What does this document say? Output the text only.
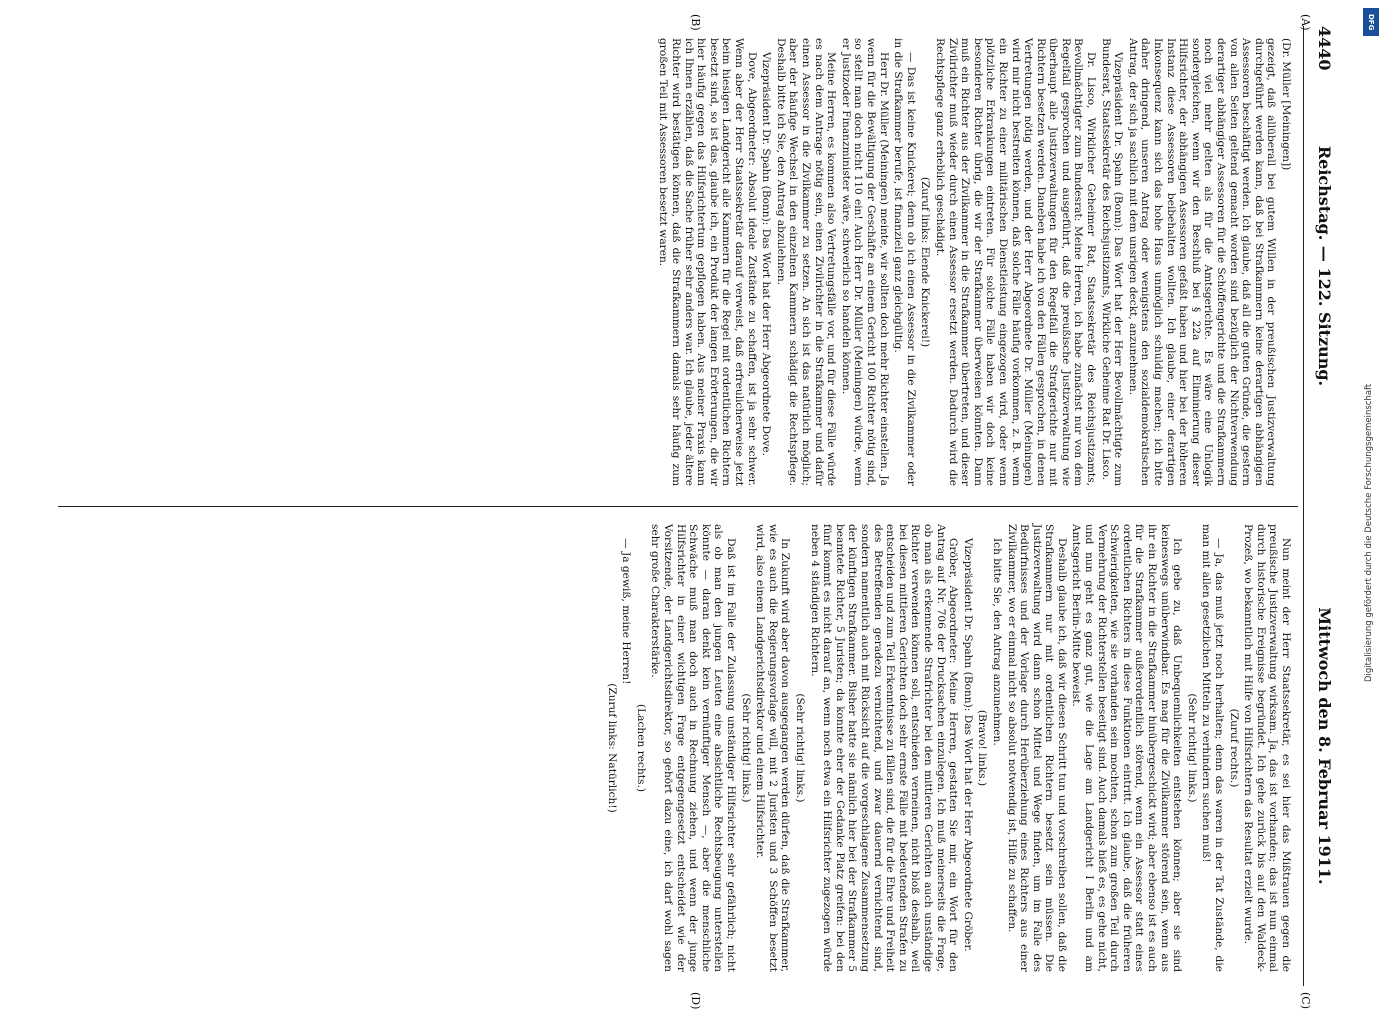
4440
Reichstag. — 122. Sitzung.
Mittwoch den 8. Februar 1911.
(A)
(B)
(C)
(D)

(Dr. Müller [Meiningen])

gezeigt, daß allüberall bei gutem Willen in der preußischen Justizverwaltung durchgeführt werden kann, daß bei Strafkammern keine derartigen abhängigen Assessoren beschäftigt werden. Ich glaube, daß all die guten Gründe, die gestern von allen Seiten geltend gemacht worden sind bezüglich der Nichtverwendung derartiger abhängiger Assessoren für die Schöffengerichte und die Strafkammern noch viel mehr gelten als für die Amtsgerichte. Es wäre eine Unlogik sondergleichen, wenn wir den Beschluß bei § 22a auf Eliminierung dieser Hilfsrichter, der abhängigen Assessoren gefaßt haben und hier bei der höheren Instanz diese Assessoren beibehalten wollten. Ich glaube, einer derartigen Inkonsequenz kann sich das hohe Haus unmöglich schuldig machen; ich bitte daher dringend, unseren Antrag oder wenigstens den sozialdemokratischen Antrag, der sich ja sachlich mit dem unsrigen deckt, anzunehmen.

Vizepräsident Dr. Spahn (Bonn): Das Wort hat der Herr Bevollmächtigte zum Bundesrat, Staatssekretär des Reichsjustizamts, Wirkliche Geheime Rat Dr. Lisco.

Dr. Lisco, Wirklicher Geheimer Rat, Staatssekretär des Reichsjustizamts, Bevollmächtigter zum Bundesrat: Meine Herren, ich habe zunächst nur von dem Regelfall gesprochen und ausgeführt, daß die preußische Justizverwaltung wie überhaupt alle Justizverwaltungen für den Regelfall die Strafgerichte nur mit Richtern besetzen werden. Daneben habe ich von den Fällen gesprochen, in denen Vertretungen nötig werden, und der Herr Abgeordnete Dr. Müller (Meiningen) wird mir nicht bestreiten können, daß solche Fälle häufig vorkommen, z. B. wenn ein Richter zu einer militärischen Dienstleistung eingezogen wird, oder wenn plötzliche Erkrankungen eintreten. Für solche Fälle haben wir doch keine besonderen Richter übrig, die wir der Strafkammer überweisen könnten. Dann muß ein Richter aus der Zivilkammer in die Strafkammer übertreten, und dieser Zivilrichter muß wieder durch einen Assessor ersetzt werden. Dadurch wird die Rechtspflege ganz erheblich geschädigt.

(Zuruf links: Elende Knickerei!)

— Das ist keine Knickerei; denn ob ich einen Assessor in die Zivilkammer oder in die Strafkammer berufe, ist finanziell ganz gleichgültig.

Herr Dr. Müller (Meiningen) meinte, wir sollten doch mehr Richter einstellen. Ja wenn für die Bewältigung der Geschäfte an einem Gericht 100 Richter nötig sind, so stellt man doch nicht 110 ein! Auch Herr Dr. Müller (Meiningen) würde, wenn er Justizoder Finanzminister wäre, schwerlich so handeln können.

Meine Herren, es kommen also Vertretungsfälle vor, und für diese Fälle würde es nach dem Antrage nötig sein, einen Zivilrichter in die Strafkammer und dafür einen Assessor in die Zivilkammer zu setzen. An sich ist das natürlich möglich; aber der häufige Wechsel in den einzelnen Kammern schädigt die Rechtspflege. Deshalb bitte ich Sie, den Antrag abzulehnen.

Vizepräsident Dr. Spahn (Bonn): Das Wort hat der Herr Abgeordnete Dove.

Dove, Abgeordneter: Absolut ideale Zustände zu schaffen, ist ja sehr schwer. Wenn aber der Herr Staatssekretär darauf verweist, daß erfreulicherweise jetzt beim hiesigen Landgericht alle Kammern für die Regel mit ordentlichen Richtern besetzt sind, so ist das, glaube ich, ein Produkt der langen Erörterungen, die wir hier häufig gegen das Hilfsrichtertum gepflogen haben. Aus meiner Praxis kann ich Ihnen erzählen, daß die Sache früher sehr anders war. Ich glaube, jeder ältere Richter wird bestätigen können, daß die Strafkammern damals sehr häufig zum großen Teil mit Assessoren besetzt waren.

Nun meint der Herr Staatssekretär, es sei hier das Mißtrauen gegen die preußische Justizverwaltung wirksam. Ja, das ist vorhanden; das ist nun einmal durch historische Ereignisse begründet. Ich gehe zurück bis auf den Waldeck-Prozeß, wo bekanntlich mit Hilfe von Hilfsrichtern das Resultat erzielt wurde.

(Zuruf rechts.)

— Ja, das muß jetzt noch herhalten; denn das waren in der Tat Zustände, die man mit allen gesetzlichen Mitteln zu verhindern suchen muß!

(Sehr richtig! links.)

Ich gebe zu, daß Unbequemlichkeiten entstehen können; aber sie sind keineswegs unüberwindbar. Es mag für die Zivilkammer störend sein, wenn aus ihr ein Richter in die Strafkammer hinübergeschickt wird; aber ebenso ist es auch für die Strafkammer außerordentlich störend, wenn ein Assessor statt eines ordentlichen Richters in diese Funktionen eintritt. Ich glaube, daß die früheren Schwierigkeiten, wie sie vorhanden sein mochten, schon zum großen Teil durch Vermehrung der Richterstellen beseitigt sind. Auch damals hieß es, es gehe nicht, und nun geht es ganz gut, wie die Lage am Landgericht I Berlin und am Amtsgericht Berlin-Mitte beweist.

Deshalb glaube ich, daß wir diesen Schritt tun und vorschreiben sollen, daß die Strafkammern nur mit ordentlichen Richtern besetzt sein müssen. Die Justizverwaltung wird dann schon Mittel und Wege finden, um im Falle des Bedürfnisses und der Vorlage durch Herüberziehung eines Richters aus einer Zivilkammer, wo er einmal nicht so absolut notwendig ist, Hilfe zu schaffen.

Ich bitte Sie, den Antrag anzunehmen.

(Bravo! links.)

Vizepräsident Dr. Spahn (Bonn): Das Wort hat der Herr Abgeordnete Gröber.

Gröber, Abgeordneter: Meine Herren, gestatten Sie mir, ein Wort für den Antrag auf Nr. 706 der Drucksachen einzulegen. Ich muß meinerseits die Frage, ob man als erkennende Strafrichter bei den mittleren Gerichten auch unständige Richter verwenden können soll, entschieden verneinen, nicht bloß deshalb, weil bei diesen mittleren Gerichten doch sehr ernste Fälle mit bedeutenden Strafen zu entscheiden und zum Teil Erkenntnisse zu fällen sind, die für die Ehre und Freiheit des Betreffenden geradezu vernichtend, und zwar dauernd vernichtend sind, sondern namentlich auch mit Rücksicht auf die vorgeschlagene Zusammensetzung der künftigen Strafkammer. Bisher hatte sie nämlich hier bei der Strafkammer 5 beamtete Richter, 5 Juristen; da konnte eher der Gedanke Platz greifen: bei den fünf kommt es nicht darauf an, wenn noch etwa ein Hilfsrichter zugezogen würde neben 4 ständigen Richtern.

(Sehr richtig! links.)

In Zukunft wird aber davon ausgegangen werden dürfen, daß die Strafkammer, wie es auch die Regierungsvorlage will, mit 2 Juristen und 3 Schöffen besetzt wird, also einem Landgerichtsdirektor und einem Hilfsrichter.

(Sehr richtig! links.)

Daß ist im Falle der Zulassung unständiger Hilfsrichter sehr gefährlich; nicht als ob man den jungen Leuten eine absichtliche Rechtsbeugung unterstellen könnte — daran denkt kein vernünftiger Mensch —, aber die menschliche Schwäche muß man doch auch in Rechnung ziehen, und wenn der junge Hilfsrichter in einer wichtigen Frage entgegengesetzt entscheidet wie der Vorsitzende, der Landgerichtsdirektor, so gehört dazu eine, ich darf wohl sagen sehr große Charakterstärke.

(Lachen rechts.)

— Ja gewiß, meine Herren!

(Zuruf links: Natürlich!)

DFG
Digitalisierung gefördert durch die Deutsche Forschungsgemeinschaft
